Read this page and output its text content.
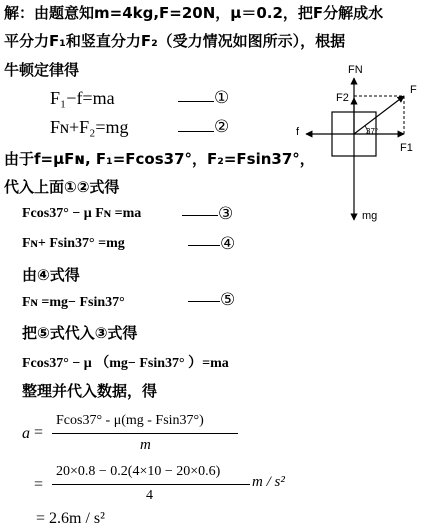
解：由题意知m=4kg,F=20N，μ＝0.2，把F分解成水
平分力F₁和竖直分力F₂（受力情况如图所示），根据
牛顿定律得
F₁−f=ma	①
Fɴ+F₂=mg	②
由于f=μFɴ, F₁=Fcos37°，F₂=Fsin37°，
代入上面①②式得
Fcos37° − μ Fɴ =ma	③
Fɴ+ Fsin37° =mg	④
由④式得
Fɴ =mg− Fsin37°	⑤
把⑤式代入③式得
Fcos37° − μ （mg− Fsin37° ）=ma
整理并代入数据，得
a =
Fcos37° - μ(mg - Fsin37°)
m
=
20×0.8 − 0.2(4×10 − 20×0.6)
4
m / s²
= 2.6m / s²
FN
F2
F
f
F1
37°
mg
